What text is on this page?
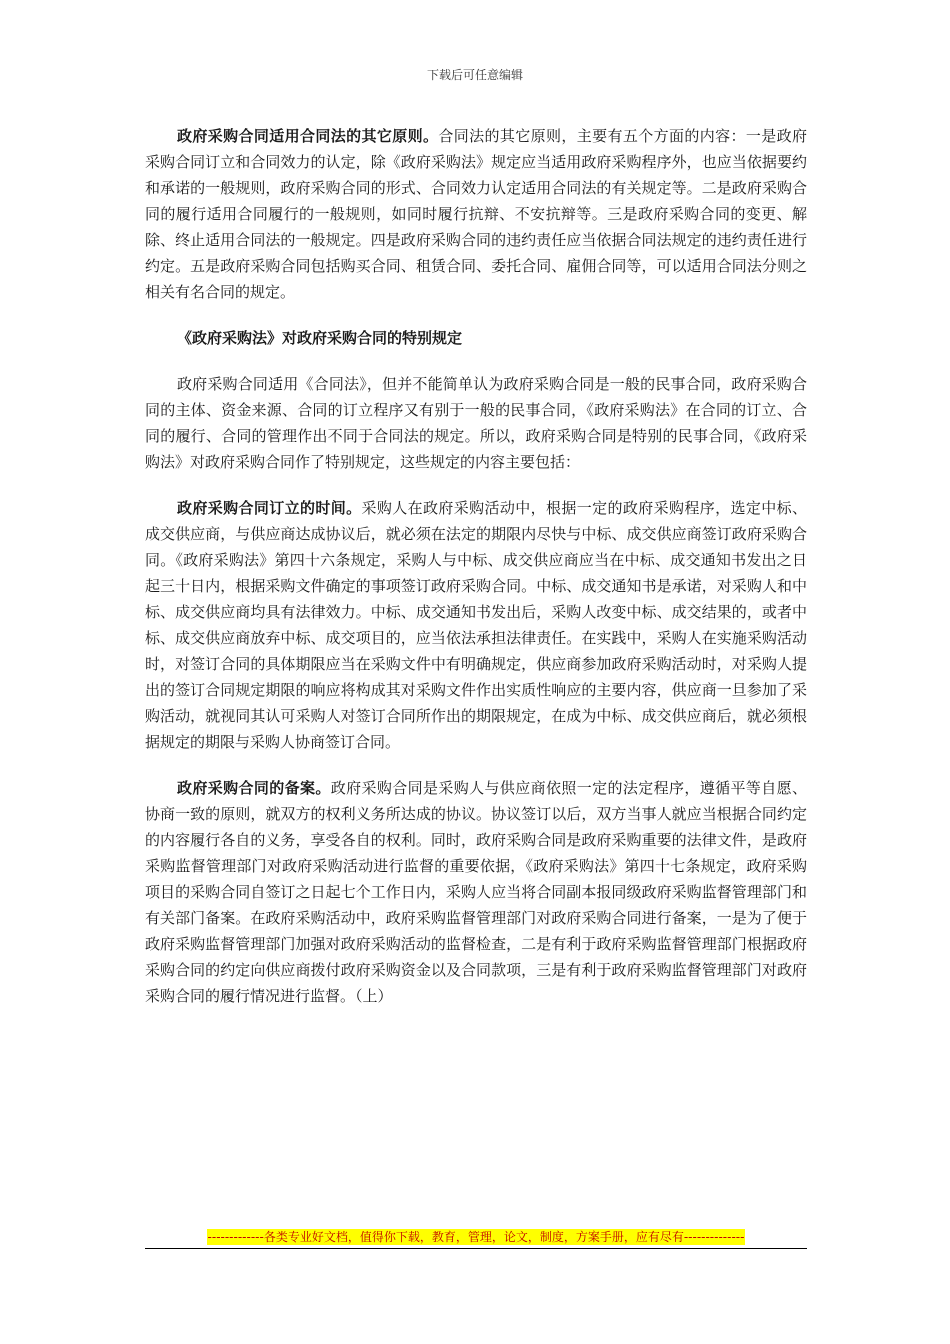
下载后可任意编辑

政府采购合同适用合同法的其它原则。合同法的其它原则，主要有五个方面的内容：一是政府采购合同订立和合同效力的认定，除《政府采购法》规定应当适用政府采购程序外，也应当依据要约和承诺的一般规则，政府采购合同的形式、合同效力认定适用合同法的有关规定等。二是政府采购合同的履行适用合同履行的一般规则，如同时履行抗辩、不安抗辩等。三是政府采购合同的变更、解除、终止适用合同法的一般规定。四是政府采购合同的违约责任应当依据合同法规定的违约责任进行约定。五是政府采购合同包括购买合同、租赁合同、委托合同、雇佣合同等，可以适用合同法分则之相关有名合同的规定。

《政府采购法》对政府采购合同的特别规定

政府采购合同适用《合同法》，但并不能简单认为政府采购合同是一般的民事合同，政府采购合同的主体、资金来源、合同的订立程序又有别于一般的民事合同，《政府采购法》在合同的订立、合同的履行、合同的管理作出不同于合同法的规定。所以，政府采购合同是特别的民事合同，《政府采购法》对政府采购合同作了特别规定，这些规定的内容主要包括：

政府采购合同订立的时间。采购人在政府采购活动中，根据一定的政府采购程序，选定中标、成交供应商，与供应商达成协议后，就必须在法定的期限内尽快与中标、成交供应商签订政府采购合同。《政府采购法》第四十六条规定，采购人与中标、成交供应商应当在中标、成交通知书发出之日起三十日内，根据采购文件确定的事项签订政府采购合同。中标、成交通知书是承诺，对采购人和中标、成交供应商均具有法律效力。中标、成交通知书发出后，采购人改变中标、成交结果的，或者中标、成交供应商放弃中标、成交项目的，应当依法承担法律责任。在实践中，采购人在实施采购活动时，对签订合同的具体期限应当在采购文件中有明确规定，供应商参加政府采购活动时，对采购人提出的签订合同规定期限的响应将构成其对采购文件作出实质性响应的主要内容，供应商一旦参加了采购活动，就视同其认可采购人对签订合同所作出的期限规定，在成为中标、成交供应商后，就必须根据规定的期限与采购人协商签订合同。

政府采购合同的备案。政府采购合同是采购人与供应商依照一定的法定程序，遵循平等自愿、协商一致的原则，就双方的权利义务所达成的协议。协议签订以后，双方当事人就应当根据合同约定的内容履行各自的义务，享受各自的权利。同时，政府采购合同是政府采购重要的法律文件，是政府采购监督管理部门对政府采购活动进行监督的重要依据，《政府采购法》第四十七条规定，政府采购项目的采购合同自签订之日起七个工作日内，采购人应当将合同副本报同级政府采购监督管理部门和有关部门备案。在政府采购活动中，政府采购监督管理部门对政府采购合同进行备案，一是为了便于政府采购监督管理部门加强对政府采购活动的监督检查，二是有利于政府采购监督管理部门根据政府采购合同的约定向供应商拨付政府采购资金以及合同款项，三是有利于政府采购监督管理部门对政府采购合同的履行情况进行监督。（上）

-------------各类专业好文档，值得你下载，教育，管理，论文，制度，方案手册，应有尽有--------------
